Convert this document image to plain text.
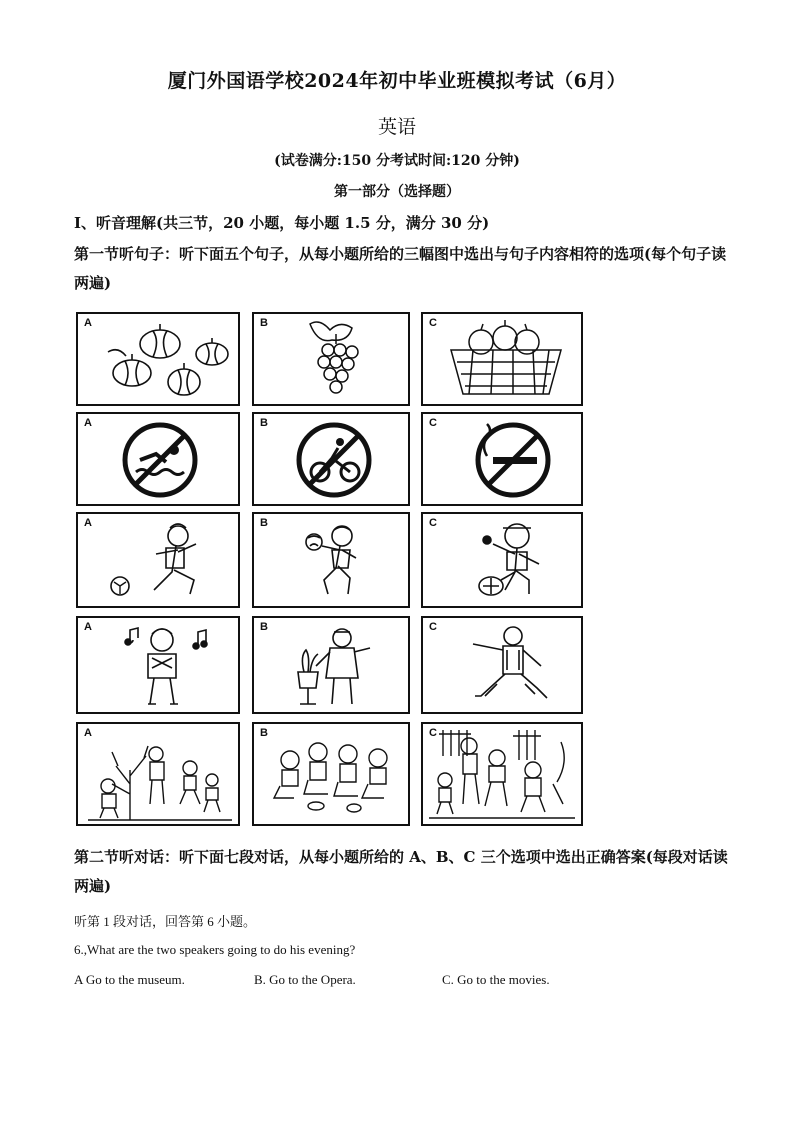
厦门外国语学校2024年初中毕业班模拟考试（6月）
英语
(试卷满分:150 分考试时间:120 分钟)
第一部分（选择题）
Ⅰ、听音理解(共三节，20 小题，每小题 1.5 分，满分 30 分)
第一节听句子：听下面五个句子，从每小题所给的三幅图中选出与句子内容相符的选项(每个句子读两遍)
A	B	C
A	B	C
A	B	C
A	B	C
A	B	C
第二节听对话：听下面七段对话，从每小题所给的 A、B、C 三个选项中选出正确答案(每段对话读两遍)
听第 1 段对话，回答第 6 小题。
6.,What are the two speakers going to do his evening?
A Go to the museum.	B. Go to the Opera.	C. Go to the movies.
